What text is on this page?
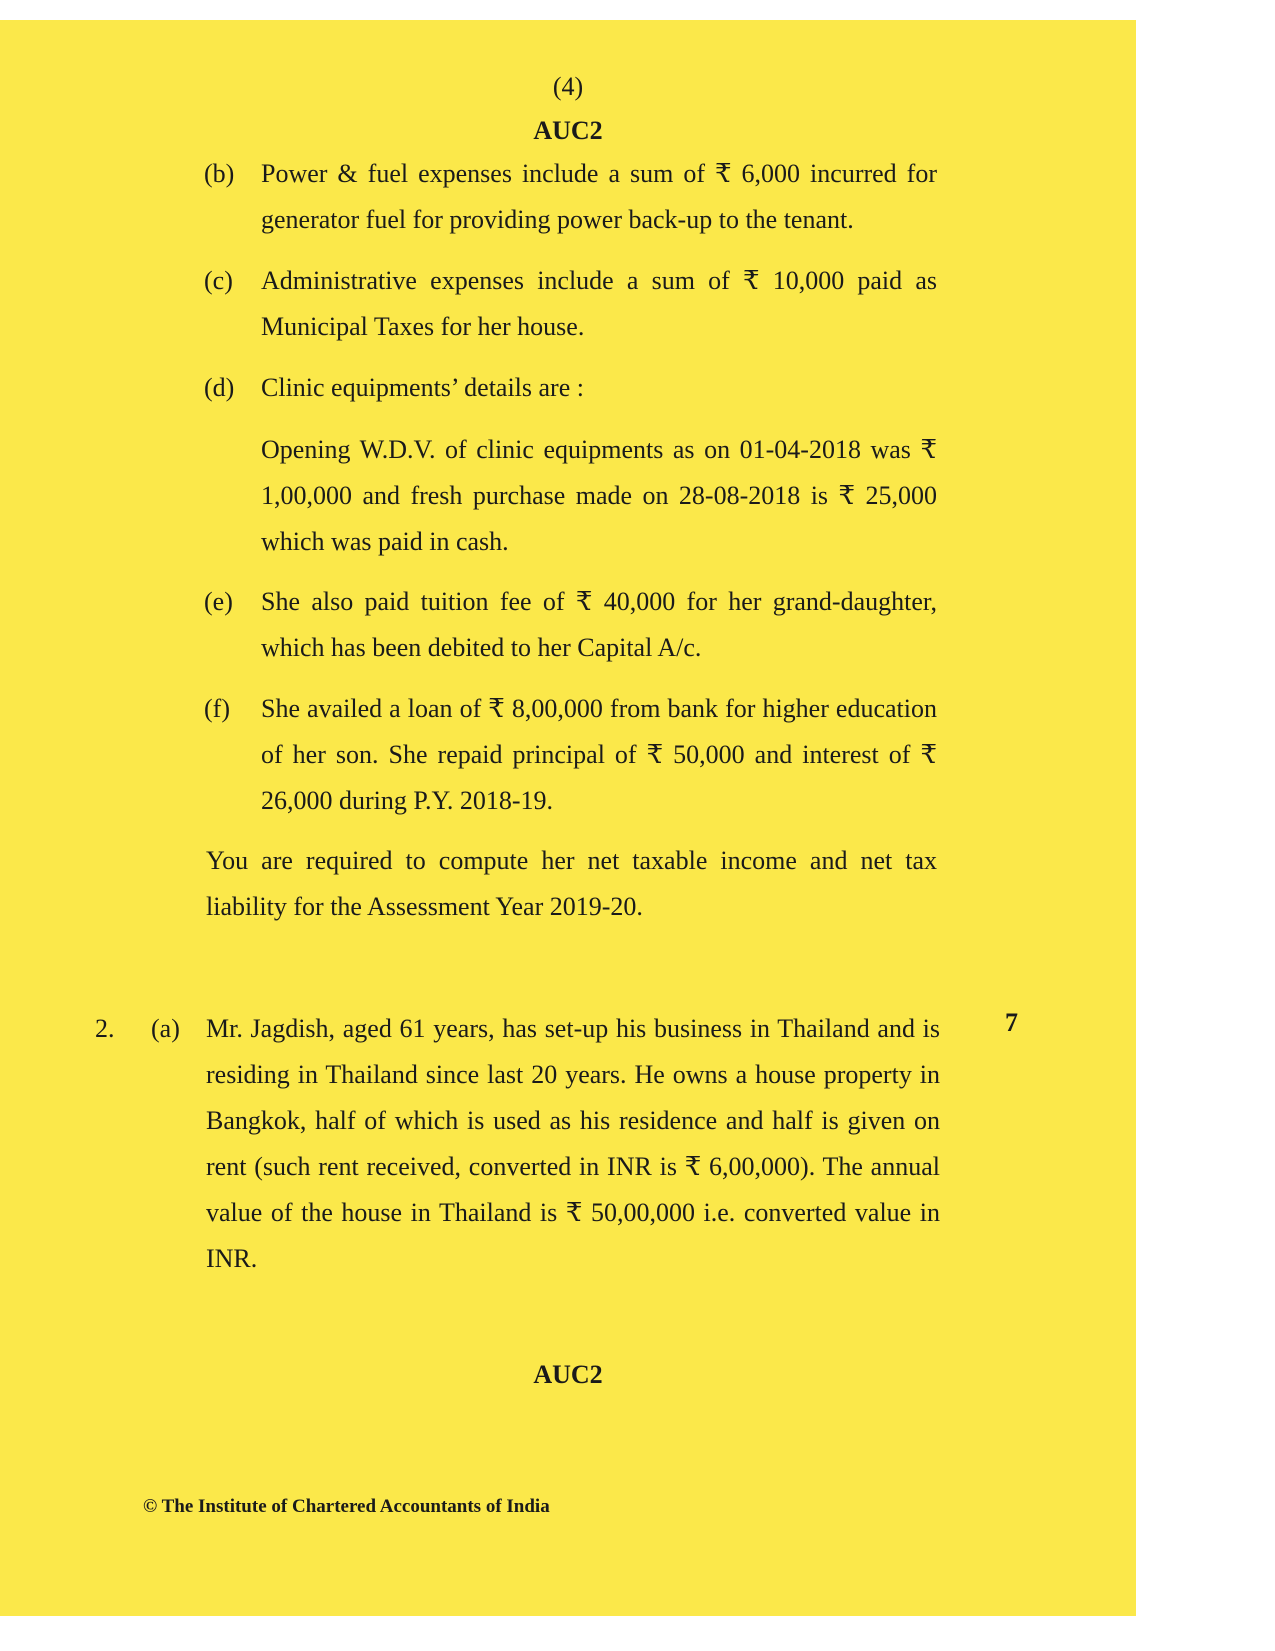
(4)
AUC2
(b) Power & fuel expenses include a sum of ₹ 6,000 incurred for generator fuel for providing power back-up to the tenant.
(c) Administrative expenses include a sum of ₹ 10,000 paid as Municipal Taxes for her house.
(d) Clinic equipments’ details are :
Opening W.D.V. of clinic equipments as on 01-04-2018 was ₹ 1,00,000 and fresh purchase made on 28-08-2018 is ₹ 25,000 which was paid in cash.
(e) She also paid tuition fee of ₹ 40,000 for her grand-daughter, which has been debited to her Capital A/c.
(f) She availed a loan of ₹ 8,00,000 from bank for higher education of her son. She repaid principal of ₹ 50,000 and interest of ₹ 26,000 during P.Y. 2018-19.
You are required to compute her net taxable income and net tax liability for the Assessment Year 2019-20.
2. (a) Mr. Jagdish, aged 61 years, has set-up his business in Thailand and is residing in Thailand since last 20 years. He owns a house property in Bangkok, half of which is used as his residence and half is given on rent (such rent received, converted in INR is ₹ 6,00,000). The annual value of the house in Thailand is ₹ 50,00,000 i.e. converted value in INR.
7
AUC2
© The Institute of Chartered Accountants of India
